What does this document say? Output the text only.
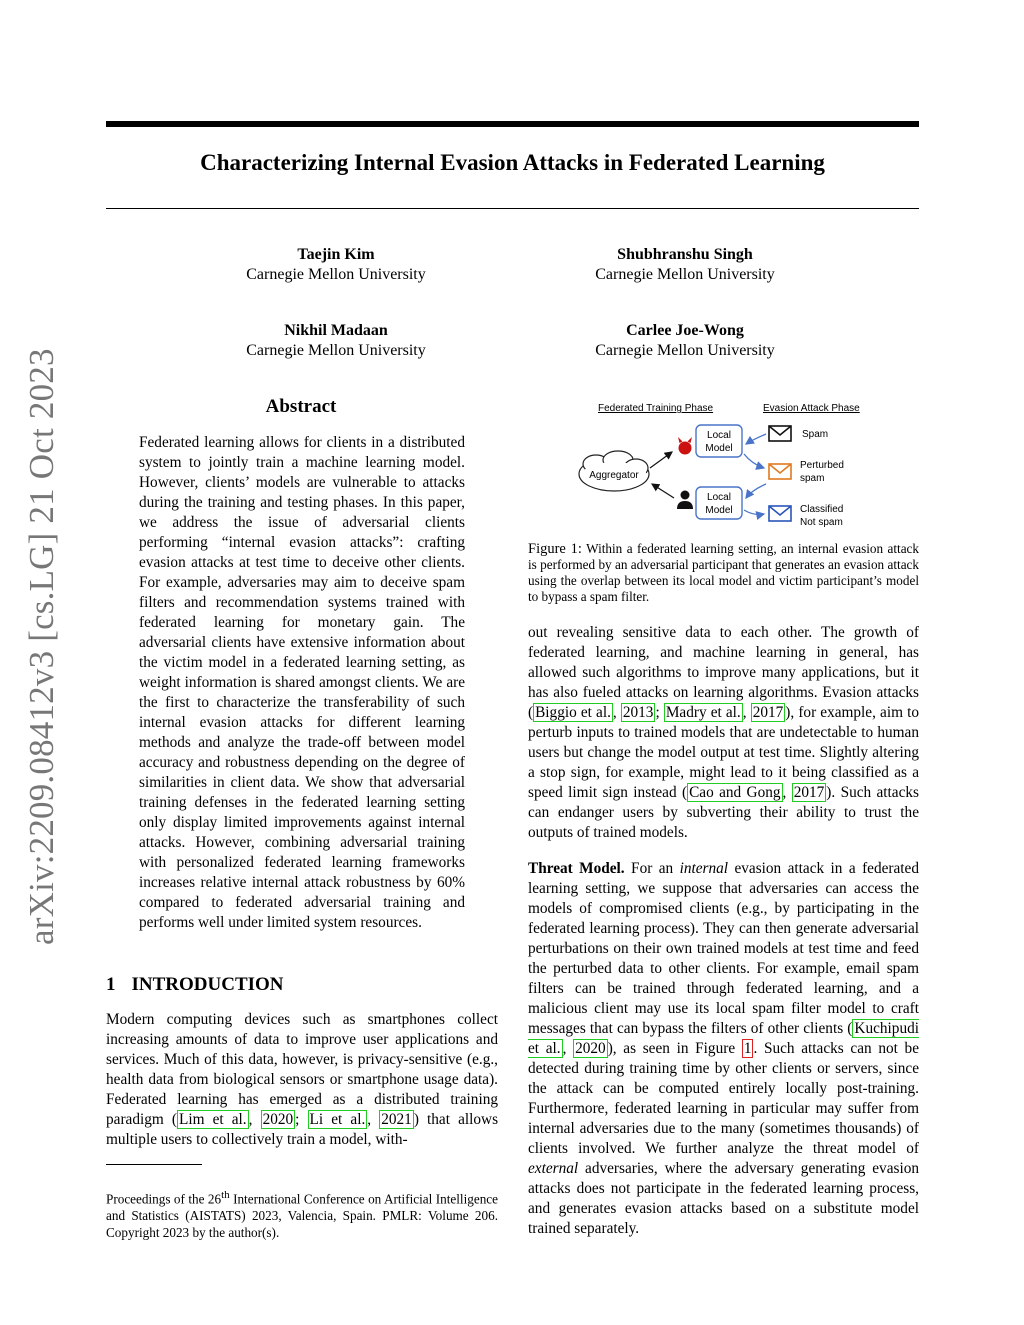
Characterizing Internal Evasion Attacks in Federated Learning
arXiv:2209.08412v3 [cs.LG] 21 Oct 2023
Taejin Kim
Carnegie Mellon University
Shubhranshu Singh
Carnegie Mellon University
Nikhil Madaan
Carnegie Mellon University
Carlee Joe-Wong
Carnegie Mellon University
Abstract
Federated learning allows for clients in a distributed system to jointly train a machine learning model. However, clients’ models are vulnerable to attacks during the training and testing phases. In this paper, we address the issue of adversarial clients performing “internal evasion attacks”: crafting evasion attacks at test time to deceive other clients. For example, adversaries may aim to deceive spam filters and recommendation systems trained with federated learning for monetary gain. The adversarial clients have extensive information about the victim model in a federated learning setting, as weight information is shared amongst clients. We are the first to characterize the transferability of such internal evasion attacks for different learning methods and analyze the trade-off between model accuracy and robustness depending on the degree of similarities in client data. We show that adversarial training defenses in the federated learning setting only display limited improvements against internal attacks. However, combining adversarial training with personalized federated learning frameworks increases relative internal attack robustness by 60% compared to federated adversarial training and performs well under limited system resources.
1 INTRODUCTION
Modern computing devices such as smartphones collect increasing amounts of data to improve user applications and services. Much of this data, however, is privacy-sensitive (e.g., health data from biological sensors or smartphone usage data). Federated learning has emerged as a distributed training paradigm ( Lim et al. , 2020 ; Li et al. , 2021 ) that allows multiple users to collectively train a model, with-
Proceedings of the 26th International Conference on Artificial Intelligence and Statistics (AISTATS) 2023, Valencia, Spain. PMLR: Volume 206. Copyright 2023 by the author(s).
Federated Training Phase	Evasion Attack Phase
Aggregator
Local
Model
Local
Model
Spam
Perturbed
spam
Classified
Not spam
Figure 1: Within a federated learning setting, an internal evasion attack is performed by an adversarial participant that generates an evasion attack using the overlap between its local model and victim participant’s model to bypass a spam filter.
out revealing sensitive data to each other. The growth of federated learning, and machine learning in general, has allowed such algorithms to improve many applications, but it has also fueled attacks on learning algorithms. Evasion attacks ( Biggio et al. , 2013 ; Madry et al. , 2017 ), for example, aim to perturb inputs to trained models that are undetectable to human users but change the model output at test time. Slightly altering a stop sign, for example, might lead to it being classified as a speed limit sign instead ( Cao and Gong , 2017 ). Such attacks can endanger users by subverting their ability to trust the outputs of trained models.
Threat Model. For an internal evasion attack in a federated learning setting, we suppose that adversaries can access the models of compromised clients (e.g., by participating in the federated learning process). They can then generate adversarial perturbations on their own trained models at test time and feed the perturbed data to other clients. For example, email spam filters can be trained through federated learning, and a malicious client may use its local spam filter model to craft messages that can bypass the filters of other clients ( Kuchipudi et al. , 2020 ), as seen in Figure 1 . Such attacks can not be detected during training time by other clients or servers, since the attack can be computed entirely locally post-training. Furthermore, federated learning in particular may suffer from internal adversaries due to the many (sometimes thousands) of clients involved. We further analyze the threat model of external adversaries, where the adversary generating evasion attacks does not participate in the federated learning process, and generates evasion attacks based on a substitute model trained separately.
